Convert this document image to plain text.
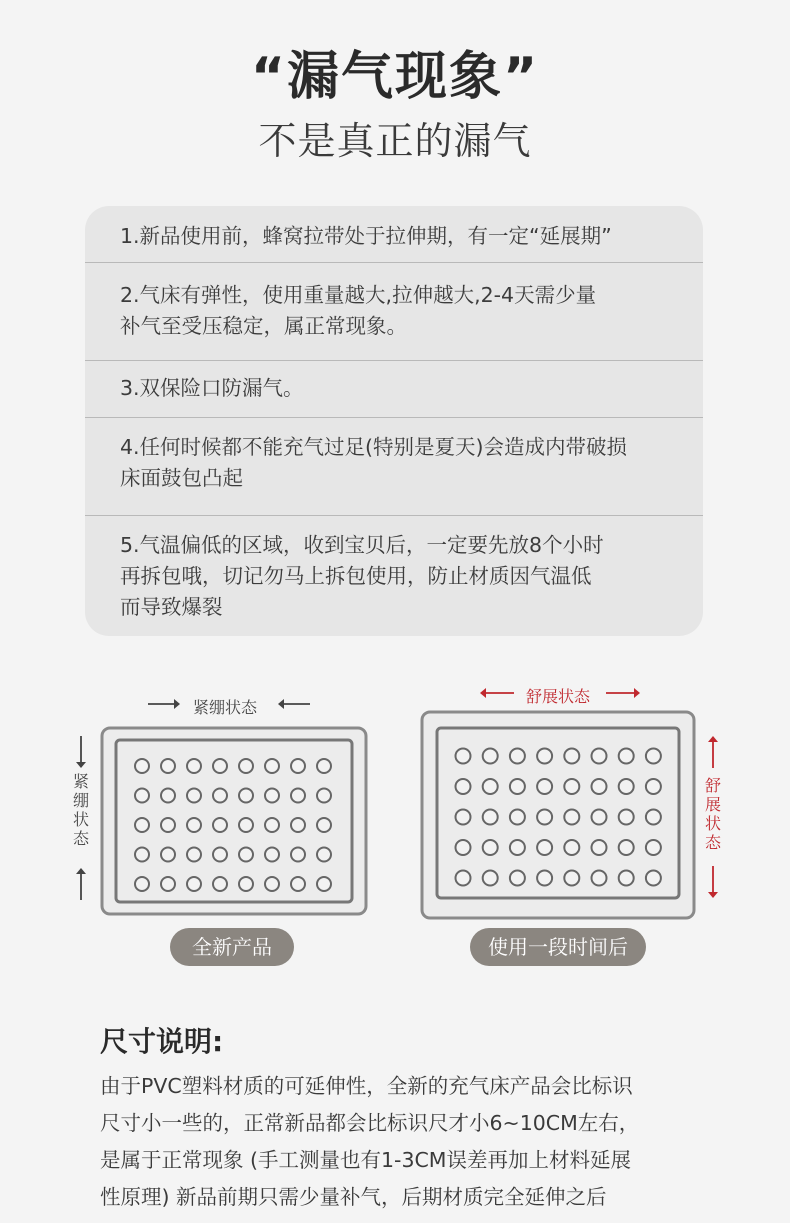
“漏气现象”
不是真正的漏气
1.新品使用前，蜂窝拉带处于拉伸期，有一定“延展期”
2.气床有弹性，使用重量越大,拉伸越大,2-4天需少量
补气至受压稳定，属正常现象。
3.双保险口防漏气。
4.任何时候都不能充气过足(特别是夏天)会造成内带破损
床面鼓包凸起
5.气温偏低的区域，收到宝贝后，一定要先放8个小时
再拆包哦，切记勿马上拆包使用，防止材质因气温低
而导致爆裂
紧绷状态
紧绷状态
全新产品
舒展状态
舒展状态
使用一段时间后
尺寸说明:
由于PVC塑料材质的可延伸性，全新的充气床产品会比标识
尺寸小一些的，正常新品都会比标识尺才小6~10CM左右，
是属于正常现象 (手工测量也有1-3CM误差再加上材料延展
性原理) 新品前期只需少量补气，后期材质完全延伸之后
